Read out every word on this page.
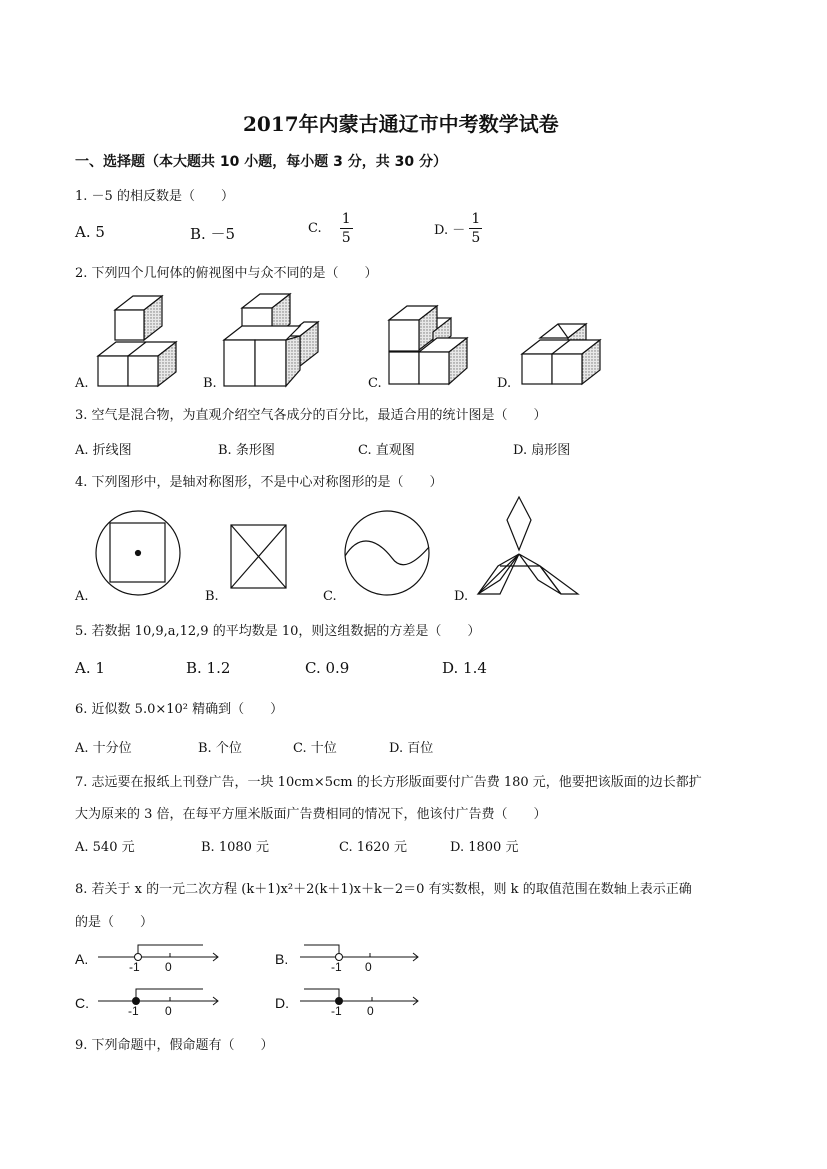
2017年内蒙古通辽市中考数学试卷
一、选择题（本大题共 10 小题，每小题 3 分，共 30 分）
1. －5 的相反数是（　　）
A. 5	B. －5	C. $\frac{1}{5}$	D. － $\frac{1}{5}$
2. 下列四个几何体的俯视图中与众不同的是（　　）
A.	B.	C.	D.
3. 空气是混合物，为直观介绍空气各成分的百分比，最适合用的统计图是（　　）
A. 折线图	B. 条形图	C. 直观图	D. 扇形图
4. 下列图形中，是轴对称图形，不是中心对称图形的是（　　）
A.	B.	C.	D.
5. 若数据 10,9,a,12,9 的平均数是 10，则这组数据的方差是（　　）
A. 1	B. 1.2	C. 0.9	D. 1.4
6. 近似数 5.0×10² 精确到（　　）
A. 十分位	B. 个位	C. 十位	D. 百位
7. 志远要在报纸上刊登广告，一块 10cm×5cm 的长方形版面要付广告费 180 元，他要把该版面的边长都扩
大为原来的 3 倍，在每平方厘米版面广告费相同的情况下，他该付广告费（　　）
A. 540 元	B. 1080 元	C. 1620 元	D. 1800 元
8. 若关于 x 的一元二次方程 (k＋1)x²＋2(k＋1)x＋k－2＝0 有实数根，则 k 的取值范围在数轴上表示正确
的是（　　）
A.	B.
C.	D.
-1 0	-1 0
-1 0	-1 0
9. 下列命题中，假命题有（　　）
